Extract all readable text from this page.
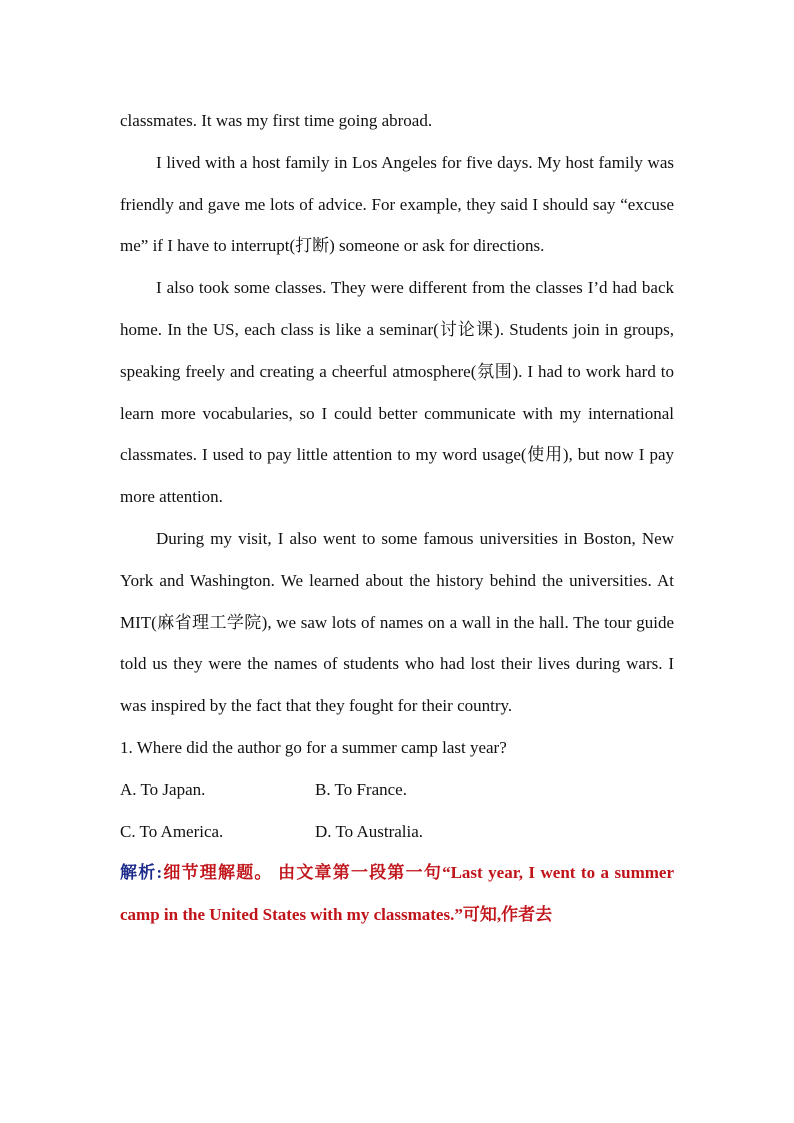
classmates. It was my first time going abroad.

I lived with a host family in Los Angeles for five days. My host family was friendly and gave me lots of advice. For example, they said I should say “excuse me” if I have to interrupt(打断) someone or ask for directions.

I also took some classes. They were different from the classes I’d had back home. In the US, each class is like a seminar(讨论课). Students join in groups, speaking freely and creating a cheerful atmosphere(氛围). I had to work hard to learn more vocabularies, so I could better communicate with my international classmates. I used to pay little attention to my word usage(使用), but now I pay more attention.

During my visit, I also went to some famous universities in Boston, New York and Washington. We learned about the history behind the universities. At MIT(麻省理工学院), we saw lots of names on a wall in the hall. The tour guide told us they were the names of students who had lost their lives during wars. I was inspired by the fact that they fought for their country.

1. Where did the author go for a summer camp last year?

A. To Japan.	B. To France.
C. To America.	D. To Australia.

解析:细节理解题。 由文章第一段第一句“Last year, I went to a summer camp in the United States with my classmates.”可知,作者去
